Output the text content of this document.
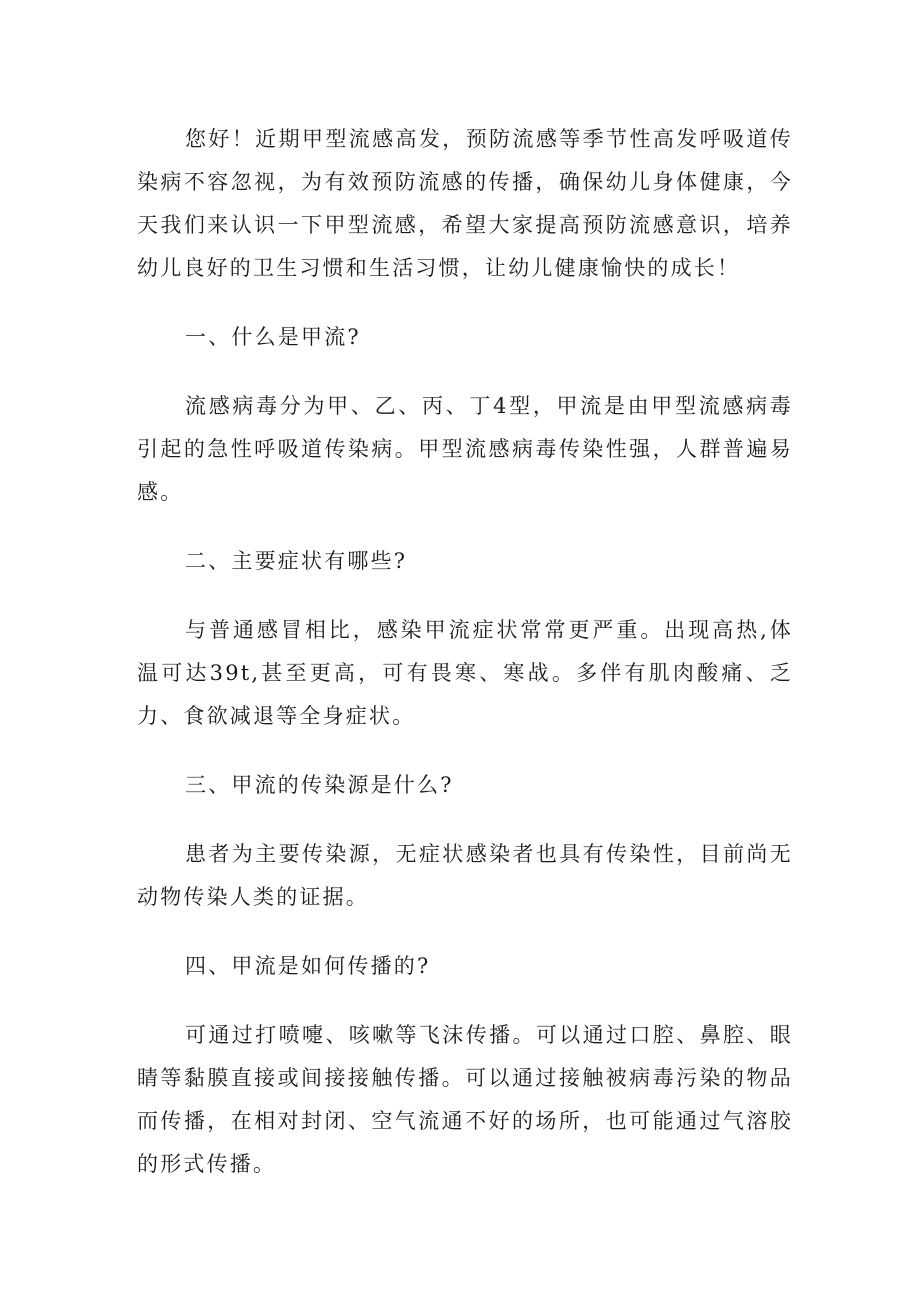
您好！近期甲型流感高发，预防流感等季节性高发呼吸道传染病不容忽视，为有效预防流感的传播，确保幼儿身体健康，今天我们来认识一下甲型流感，希望大家提高预防流感意识，培养幼儿良好的卫生习惯和生活习惯，让幼儿健康愉快的成长！

一、什么是甲流?

流感病毒分为甲、乙、丙、丁4型，甲流是由甲型流感病毒引起的急性呼吸道传染病。甲型流感病毒传染性强，人群普遍易感。

二、主要症状有哪些?

与普通感冒相比，感染甲流症状常常更严重。出现高热,体温可达39t,甚至更高，可有畏寒、寒战。多伴有肌肉酸痛、乏力、食欲减退等全身症状。

三、甲流的传染源是什么?

患者为主要传染源，无症状感染者也具有传染性，目前尚无动物传染人类的证据。

四、甲流是如何传播的?

可通过打喷嚏、咳嗽等飞沫传播。可以通过口腔、鼻腔、眼睛等黏膜直接或间接接触传播。可以通过接触被病毒污染的物品而传播，在相对封闭、空气流通不好的场所，也可能通过气溶胶的形式传播。
